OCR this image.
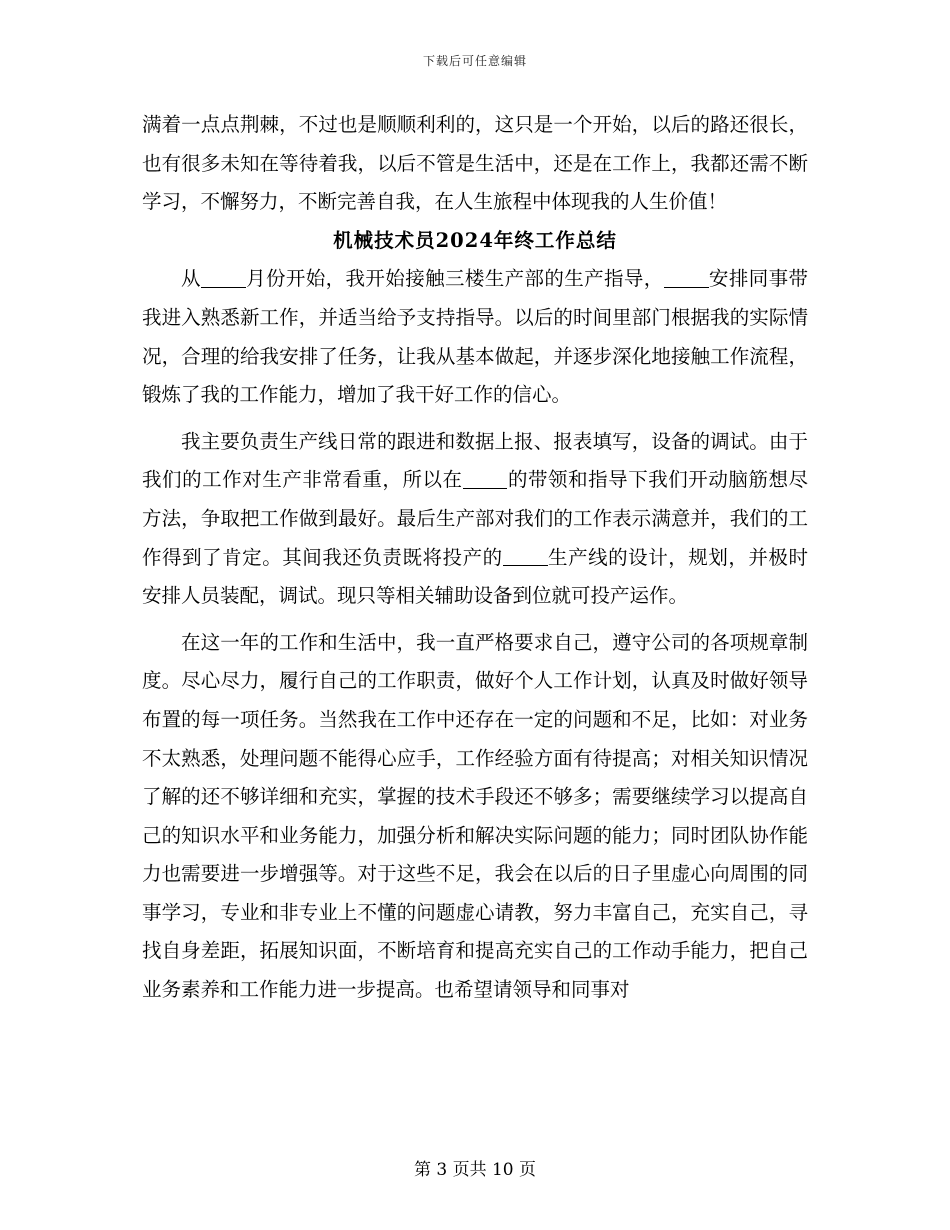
下载后可任意编辑

满着一点点荆棘，不过也是顺顺利利的，这只是一个开始，以后的路还很长，也有很多未知在等待着我，以后不管是生活中，还是在工作上，我都还需不断学习，不懈努力，不断完善自我，在人生旅程中体现我的人生价值！

机械技术员2024年终工作总结

从 月份开始，我开始接触三楼生产部的生产指导， 安排同事带我进入熟悉新工作，并适当给予支持指导。以后的时间里部门根据我的实际情况，合理的给我安排了任务，让我从基本做起，并逐步深化地接触工作流程，锻炼了我的工作能力，增加了我干好工作的信心。

我主要负责生产线日常的跟进和数据上报、报表填写，设备的调试。由于我们的工作对生产非常看重，所以在 的带领和指导下我们开动脑筋想尽方法，争取把工作做到最好。最后生产部对我们的工作表示满意并，我们的工作得到了肯定。其间我还负责既将投产的 生产线的设计，规划，并极时安排人员装配，调试。现只等相关辅助设备到位就可投产运作。

在这一年的工作和生活中，我一直严格要求自己，遵守公司的各项规章制度。尽心尽力，履行自己的工作职责，做好个人工作计划，认真及时做好领导布置的每一项任务。当然我在工作中还存在一定的问题和不足，比如：对业务不太熟悉，处理问题不能得心应手，工作经验方面有待提高；对相关知识情况了解的还不够详细和充实，掌握的技术手段还不够多；需要继续学习以提高自己的知识水平和业务能力，加强分析和解决实际问题的能力；同时团队协作能力也需要进一步增强等。对于这些不足，我会在以后的日子里虚心向周围的同事学习，专业和非专业上不懂的问题虚心请教，努力丰富自己，充实自己，寻找自身差距，拓展知识面，不断培育和提高充实自己的工作动手能力，把自己业务素养和工作能力进一步提高。也希望请领导和同事对

第 3 页共 10 页
